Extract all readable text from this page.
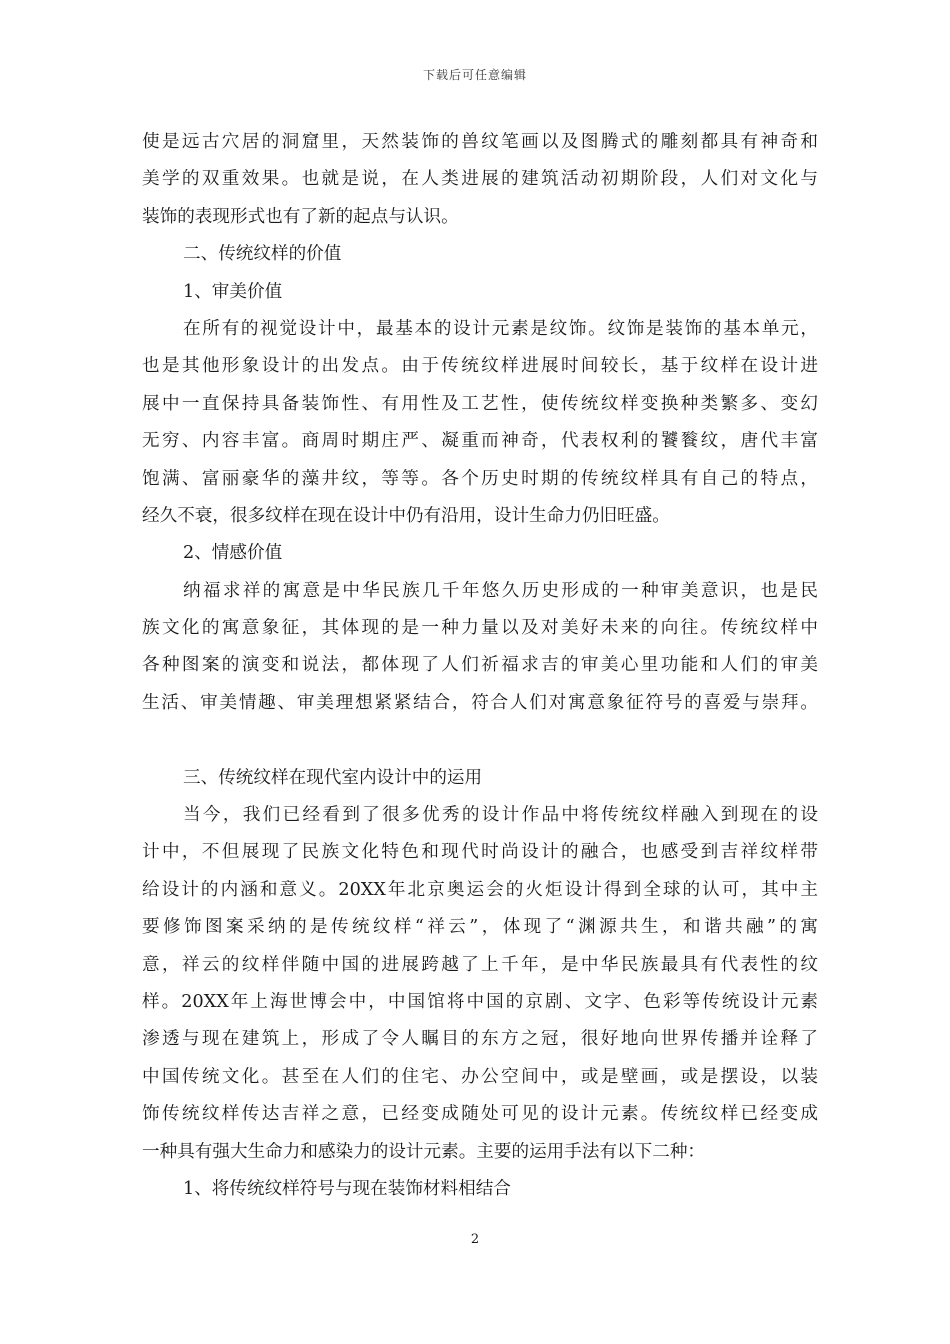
下载后可任意编辑
使是远古穴居的洞窟里，天然装饰的兽纹笔画以及图腾式的雕刻都具有神奇和
美学的双重效果。也就是说，在人类进展的建筑活动初期阶段，人们对文化与
装饰的表现形式也有了新的起点与认识。
二、传统纹样的价值
1、审美价值
在所有的视觉设计中，最基本的设计元素是纹饰。纹饰是装饰的基本单元，
也是其他形象设计的出发点。由于传统纹样进展时间较长，基于纹样在设计进
展中一直保持具备装饰性、有用性及工艺性，使传统纹样变换种类繁多、变幻
无穷、内容丰富。商周时期庄严、凝重而神奇，代表权利的饕餮纹，唐代丰富
饱满、富丽豪华的藻井纹，等等。各个历史时期的传统纹样具有自己的特点，
经久不衰，很多纹样在现在设计中仍有沿用，设计生命力仍旧旺盛。
2、情感价值
纳福求祥的寓意是中华民族几千年悠久历史形成的一种审美意识，也是民
族文化的寓意象征，其体现的是一种力量以及对美好未来的向往。传统纹样中
各种图案的演变和说法，都体现了人们祈福求吉的审美心里功能和人们的审美
生活、审美情趣、审美理想紧紧结合，符合人们对寓意象征符号的喜爱与崇拜。
三、传统纹样在现代室内设计中的运用
当今，我们已经看到了很多优秀的设计作品中将传统纹样融入到现在的设
计中，不但展现了民族文化特色和现代时尚设计的融合，也感受到吉祥纹样带
给设计的内涵和意义。20XX年北京奥运会的火炬设计得到全球的认可，其中主
要修饰图案采纳的是传统纹样“祥云”，体现了“渊源共生，和谐共融”的寓
意，祥云的纹样伴随中国的进展跨越了上千年，是中华民族最具有代表性的纹
样。20XX年上海世博会中，中国馆将中国的京剧、文字、色彩等传统设计元素
渗透与现在建筑上，形成了令人瞩目的东方之冠，很好地向世界传播并诠释了
中国传统文化。甚至在人们的住宅、办公空间中，或是壁画，或是摆设，以装
饰传统纹样传达吉祥之意，已经变成随处可见的设计元素。传统纹样已经变成
一种具有强大生命力和感染力的设计元素。主要的运用手法有以下二种：
1、将传统纹样符号与现在装饰材料相结合
2
